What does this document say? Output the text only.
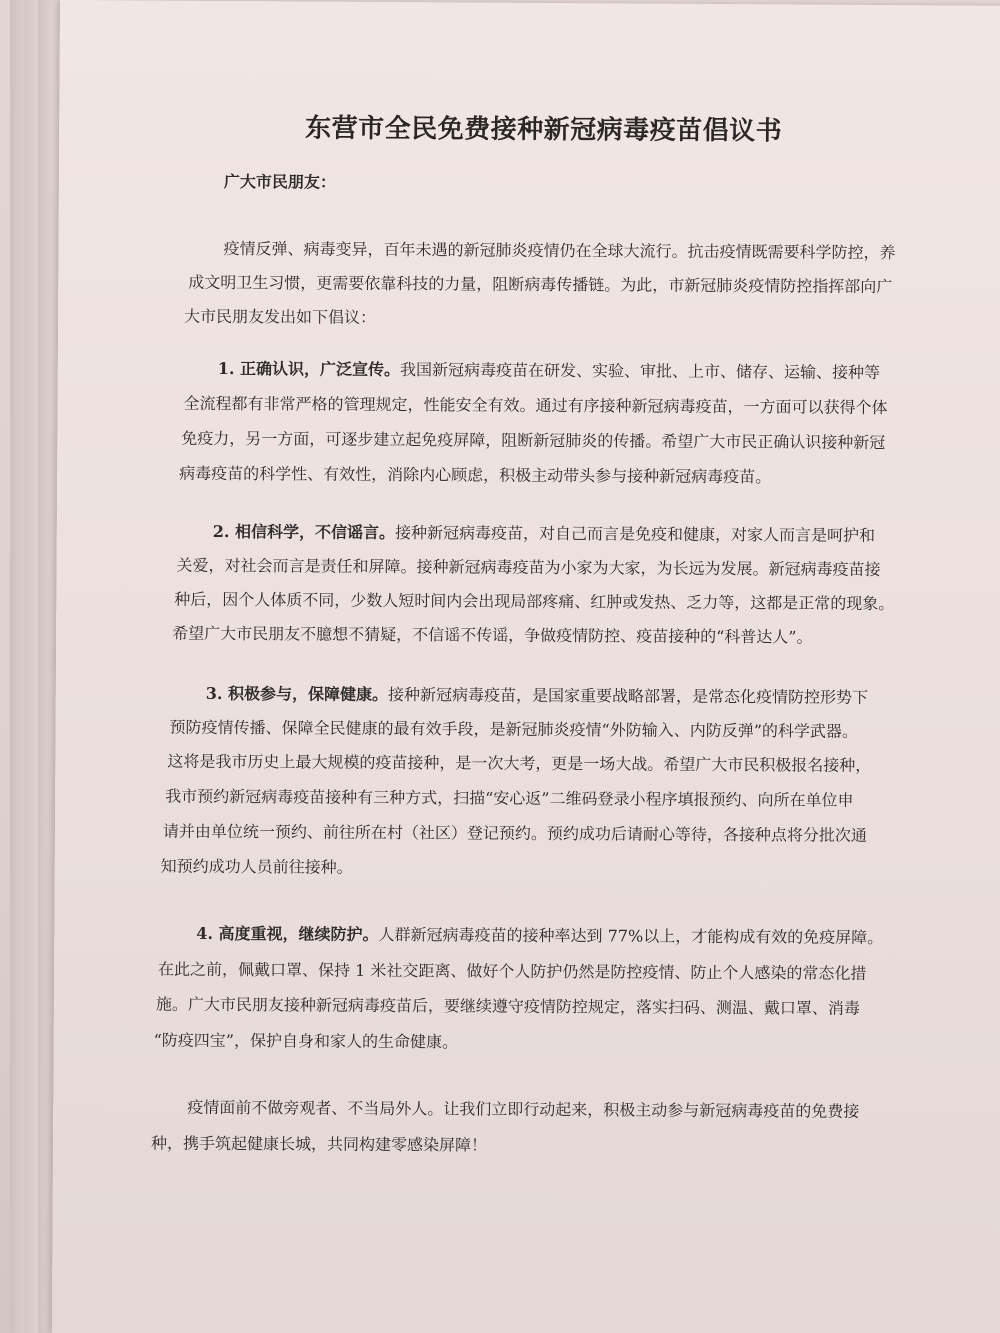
东营市全民免费接种新冠病毒疫苗倡议书
广大市民朋友：
疫情反弹、病毒变异，百年未遇的新冠肺炎疫情仍在全球大流行。抗击疫情既需要科学防控，养
成文明卫生习惯，更需要依靠科技的力量，阻断病毒传播链。为此，市新冠肺炎疫情防控指挥部向广
大市民朋友发出如下倡议：
1. 正确认识，广泛宣传。我国新冠病毒疫苗在研发、实验、审批、上市、储存、运输、接种等
全流程都有非常严格的管理规定，性能安全有效。通过有序接种新冠病毒疫苗，一方面可以获得个体
免疫力，另一方面，可逐步建立起免疫屏障，阻断新冠肺炎的传播。希望广大市民正确认识接种新冠
病毒疫苗的科学性、有效性，消除内心顾虑，积极主动带头参与接种新冠病毒疫苗。
2. 相信科学，不信谣言。接种新冠病毒疫苗，对自己而言是免疫和健康，对家人而言是呵护和
关爱，对社会而言是责任和屏障。接种新冠病毒疫苗为小家为大家，为长远为发展。新冠病毒疫苗接
种后，因个人体质不同，少数人短时间内会出现局部疼痛、红肿或发热、乏力等，这都是正常的现象。
希望广大市民朋友不臆想不猜疑，不信谣不传谣，争做疫情防控、疫苗接种的“科普达人”。
3. 积极参与，保障健康。接种新冠病毒疫苗，是国家重要战略部署，是常态化疫情防控形势下
预防疫情传播、保障全民健康的最有效手段，是新冠肺炎疫情“外防输入、内防反弹”的科学武器。
这将是我市历史上最大规模的疫苗接种，是一次大考，更是一场大战。希望广大市民积极报名接种，
我市预约新冠病毒疫苗接种有三种方式，扫描“安心返”二维码登录小程序填报预约、向所在单位申
请并由单位统一预约、前往所在村（社区）登记预约。预约成功后请耐心等待，各接种点将分批次通
知预约成功人员前往接种。
4. 高度重视，继续防护。人群新冠病毒疫苗的接种率达到 77%以上，才能构成有效的免疫屏障。
在此之前，佩戴口罩、保持 1 米社交距离、做好个人防护仍然是防控疫情、防止个人感染的常态化措
施。广大市民朋友接种新冠病毒疫苗后，要继续遵守疫情防控规定，落实扫码、测温、戴口罩、消毒
“防疫四宝”，保护自身和家人的生命健康。
疫情面前不做旁观者、不当局外人。让我们立即行动起来，积极主动参与新冠病毒疫苗的免费接
种，携手筑起健康长城，共同构建零感染屏障！
